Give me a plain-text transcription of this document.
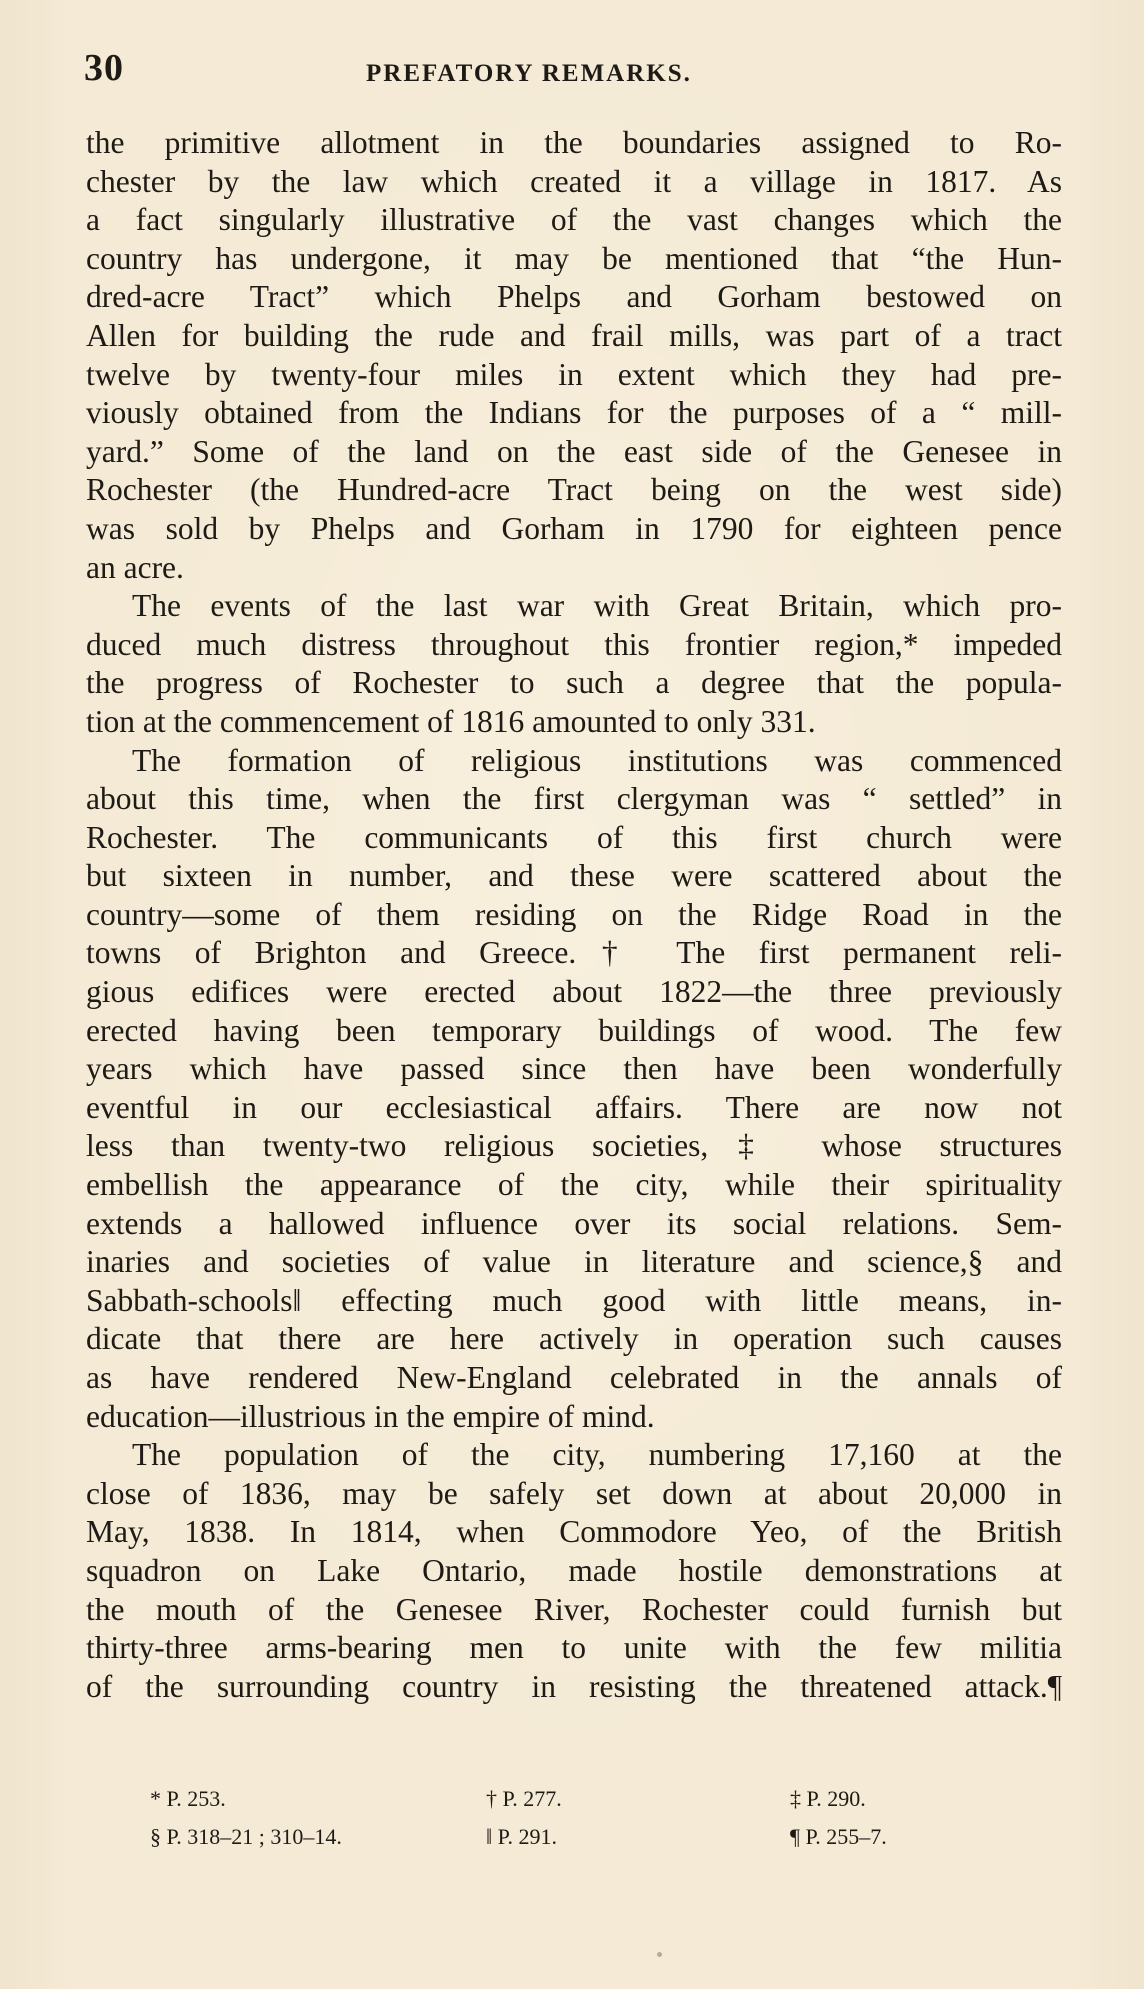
30	PREFATORY REMARKS.
the primitive allotment in the boundaries assigned to Ro-
chester by the law which created it a village in 1817. As
a fact singularly illustrative of the vast changes which the
country has undergone, it may be mentioned that “the Hun-
dred-acre Tract” which Phelps and Gorham bestowed on
Allen for building the rude and frail mills, was part of a tract
twelve by twenty-four miles in extent which they had pre-
viously obtained from the Indians for the purposes of a “ mill-
yard.” Some of the land on the east side of the Genesee in
Rochester (the Hundred-acre Tract being on the west side)
was sold by Phelps and Gorham in 1790 for eighteen pence
an acre.
The events of the last war with Great Britain, which pro-
duced much distress throughout this frontier region,* impeded
the progress of Rochester to such a degree that the popula-
tion at the commencement of 1816 amounted to only 331.
The formation of religious institutions was commenced
about this time, when the first clergyman was “ settled” in
Rochester. The communicants of this first church were
but sixteen in number, and these were scattered about the
country—some of them residing on the Ridge Road in the
towns of Brighton and Greece.† The first permanent reli-
gious edifices were erected about 1822—the three previously
erected having been temporary buildings of wood. The few
years which have passed since then have been wonderfully
eventful in our ecclesiastical affairs. There are now not
less than twenty-two religious societies,‡ whose structures
embellish the appearance of the city, while their spirituality
extends a hallowed influence over its social relations. Sem-
inaries and societies of value in literature and science,§ and
Sabbath-schools‖ effecting much good with little means, in-
dicate that there are here actively in operation such causes
as have rendered New-England celebrated in the annals of
education—illustrious in the empire of mind.
The population of the city, numbering 17,160 at the
close of 1836, may be safely set down at about 20,000 in
May, 1838. In 1814, when Commodore Yeo, of the British
squadron on Lake Ontario, made hostile demonstrations at
the mouth of the Genesee River, Rochester could furnish but
thirty-three arms-bearing men to unite with the few militia
of the surrounding country in resisting the threatened attack.¶
* P. 253.	† P. 277.	‡ P. 290.
§ P. 318–21 ; 310–14.	‖ P. 291.	¶ P. 255–7.
